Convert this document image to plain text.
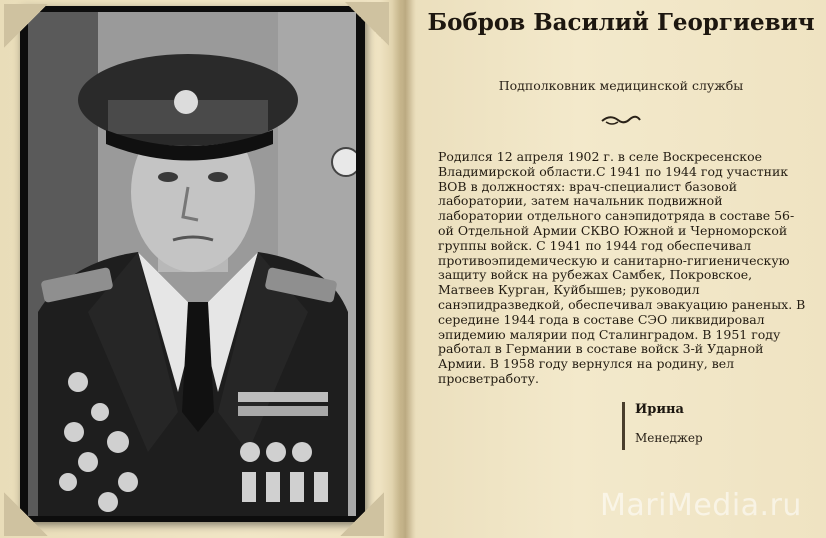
Бобров Василий Георгиевич
Подполковник медицинской службы
Родился 12 апреля 1902 г. в селе Воскресенское Владимирской области.С 1941 по 1944 год участник ВОВ в должностях: врач-специалист базовой лаборатории, затем начальник подвижной лаборатории отдельного санэпидотряда в составе 56-ой Отдельной Армии СКВО Южной и Черноморской группы войск. С 1941 по 1944 год обеспечивал противоэпидемическую и санитарно-гигиеническую защиту войск на рубежах Самбек, Покровское, Матвеев Курган, Куйбышев; руководил санэпидразведкой, обеспечивал эвакуацию раненых. В середине 1944 года в составе СЭО ликвидировал эпидемию малярии под Сталинградом. В 1951 году работал в Германии в составе войск 3-й Ударной Армии. В 1958 году вернулся на родину, вел просветработу.
Ирина
Менеджер
MariMedia.ru
